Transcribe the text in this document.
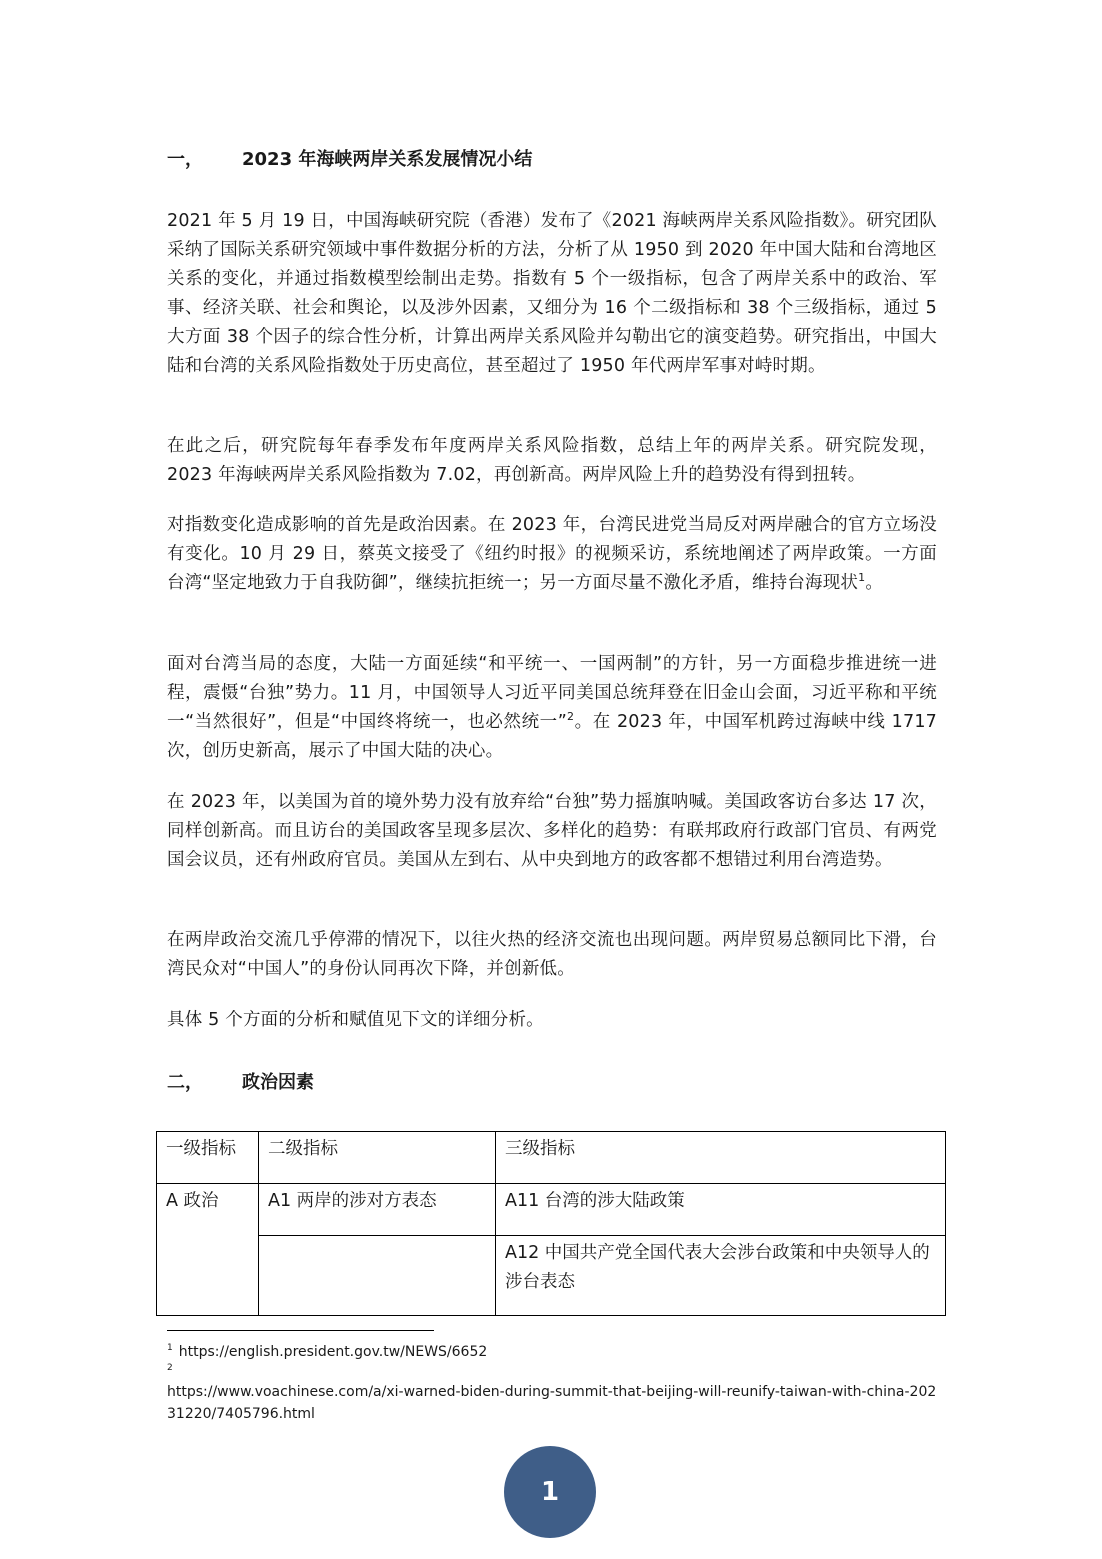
一， 2023 年海峡两岸关系发展情况小结

2021 年 5 月 19 日，中国海峡研究院（香港）发布了《2021 海峡两岸关系风险指数》。研究团队采纳了国际关系研究领域中事件数据分析的方法，分析了从 1950 到 2020 年中国大陆和台湾地区关系的变化，并通过指数模型绘制出走势。指数有 5 个一级指标，包含了两岸关系中的政治、军事、经济关联、社会和舆论，以及涉外因素，又细分为 16 个二级指标和 38 个三级指标，通过 5 大方面 38 个因子的综合性分析，计算出两岸关系风险并勾勒出它的演变趋势。研究指出，中国大陆和台湾的关系风险指数处于历史高位，甚至超过了 1950 年代两岸军事对峙时期。

在此之后，研究院每年春季发布年度两岸关系风险指数，总结上年的两岸关系。研究院发现，2023 年海峡两岸关系风险指数为 7.02，再创新高。两岸风险上升的趋势没有得到扭转。

对指数变化造成影响的首先是政治因素。在 2023 年，台湾民进党当局反对两岸融合的官方立场没有变化。10 月 29 日，蔡英文接受了《纽约时报》的视频采访，系统地阐述了两岸政策。一方面台湾“坚定地致力于自我防御”，继续抗拒统一；另一方面尽量不激化矛盾，维持台海现状$^1$。

面对台湾当局的态度，大陆一方面延续“和平统一、一国两制”的方针，另一方面稳步推进统一进程，震慑“台独”势力。11 月，中国领导人习近平同美国总统拜登在旧金山会面，习近平称和平统一“当然很好”，但是“中国终将统一，也必然统一”$^2$。在 2023 年，中国军机跨过海峡中线 1717 次，创历史新高，展示了中国大陆的决心。

在 2023 年，以美国为首的境外势力没有放弃给“台独”势力摇旗呐喊。美国政客访台多达 17 次，同样创新高。而且访台的美国政客呈现多层次、多样化的趋势：有联邦政府行政部门官员、有两党国会议员，还有州政府官员。美国从左到右、从中央到地方的政客都不想错过利用台湾造势。

在两岸政治交流几乎停滞的情况下，以往火热的经济交流也出现问题。两岸贸易总额同比下滑，台湾民众对“中国人”的身份认同再次下降，并创新低。

具体 5 个方面的分析和赋值见下文的详细分析。

二， 政治因素
一级指标	二级指标	三级指标
A 政治	A1 两岸的涉对方表态	A11 台湾的涉大陆政策
		A12 中国共产党全国代表大会涉台政策和中央领导人的涉台表态
$^1$ https://english.president.gov.tw/NEWS/6652
2
https://www.voachinese.com/a/xi-warned-biden-during-summit-that-beijing-will-reunify-taiwan-with-china-20231220/7405796.html
1
